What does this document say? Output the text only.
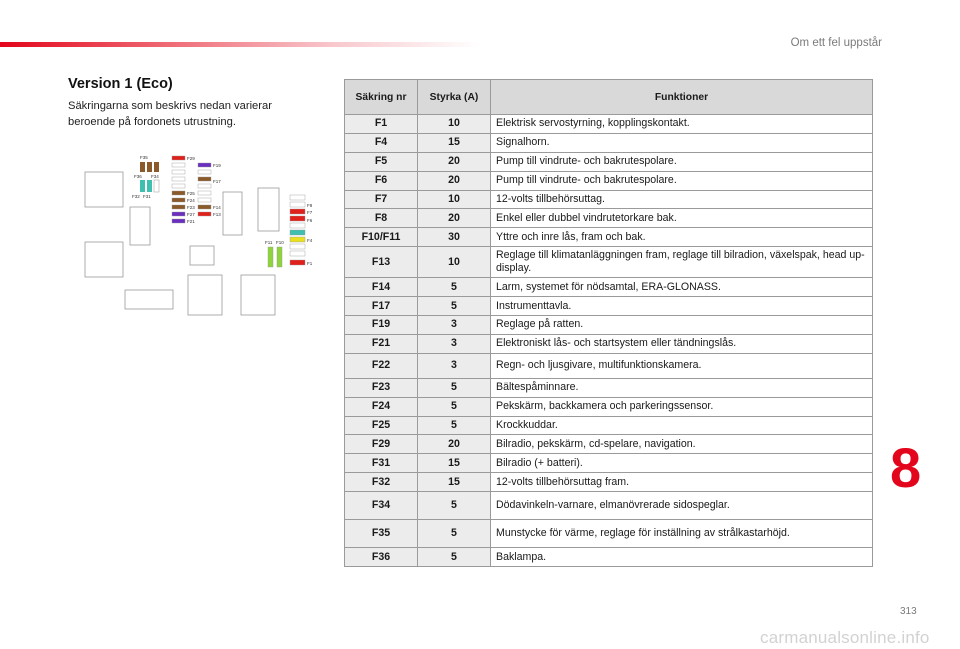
Om ett fel uppstår
Version 1 (Eco)
Säkringarna som beskrivs nedan varierar beroende på fordonets utrustning.
F35	F29
F19
F36 F34
F17
F32 F31
F25
F24
F23	F14
F27	F13
F21
F8
F7
F6
F4
F11 F10
F1
Säkring nr	Styrka (A)	Funktioner
F1	10	Elektrisk servostyrning, kopplingskontakt.
F4	15	Signalhorn.
F5	20	Pump till vindrute- och bakrutespolare.
F6	20	Pump till vindrute- och bakrutespolare.
F7	10	12-volts tillbehörsuttag.
F8	20	Enkel eller dubbel vindrutetorkare bak.
F10/F11	30	Yttre och inre lås, fram och bak.
F13	10	Reglage till klimatanläggningen fram, reglage till bilradion, växelspak, head up-display.
F14	5	Larm, systemet för nödsamtal, ERA-GLONASS.
F17	5	Instrumenttavla.
F19	3	Reglage på ratten.
F21	3	Elektroniskt lås- och startsystem eller tändningslås.
F22	3	Regn- och ljusgivare, multifunktionskamera.
F23	5	Bältespåminnare.
F24	5	Pekskärm, backkamera och parkeringssensor.
F25	5	Krockkuddar.
F29	20	Bilradio, pekskärm, cd-spelare, navigation.
F31	15	Bilradio (+ batteri).
F32	15	12-volts tillbehörsuttag fram.
F34	5	Dödavinkeln-varnare, elmanövrerade sidospeglar.
F35	5	Munstycke för värme, reglage för inställning av strålkastarhöjd.
F36	5	Baklampa.
8
313
carmanualsonline.info
